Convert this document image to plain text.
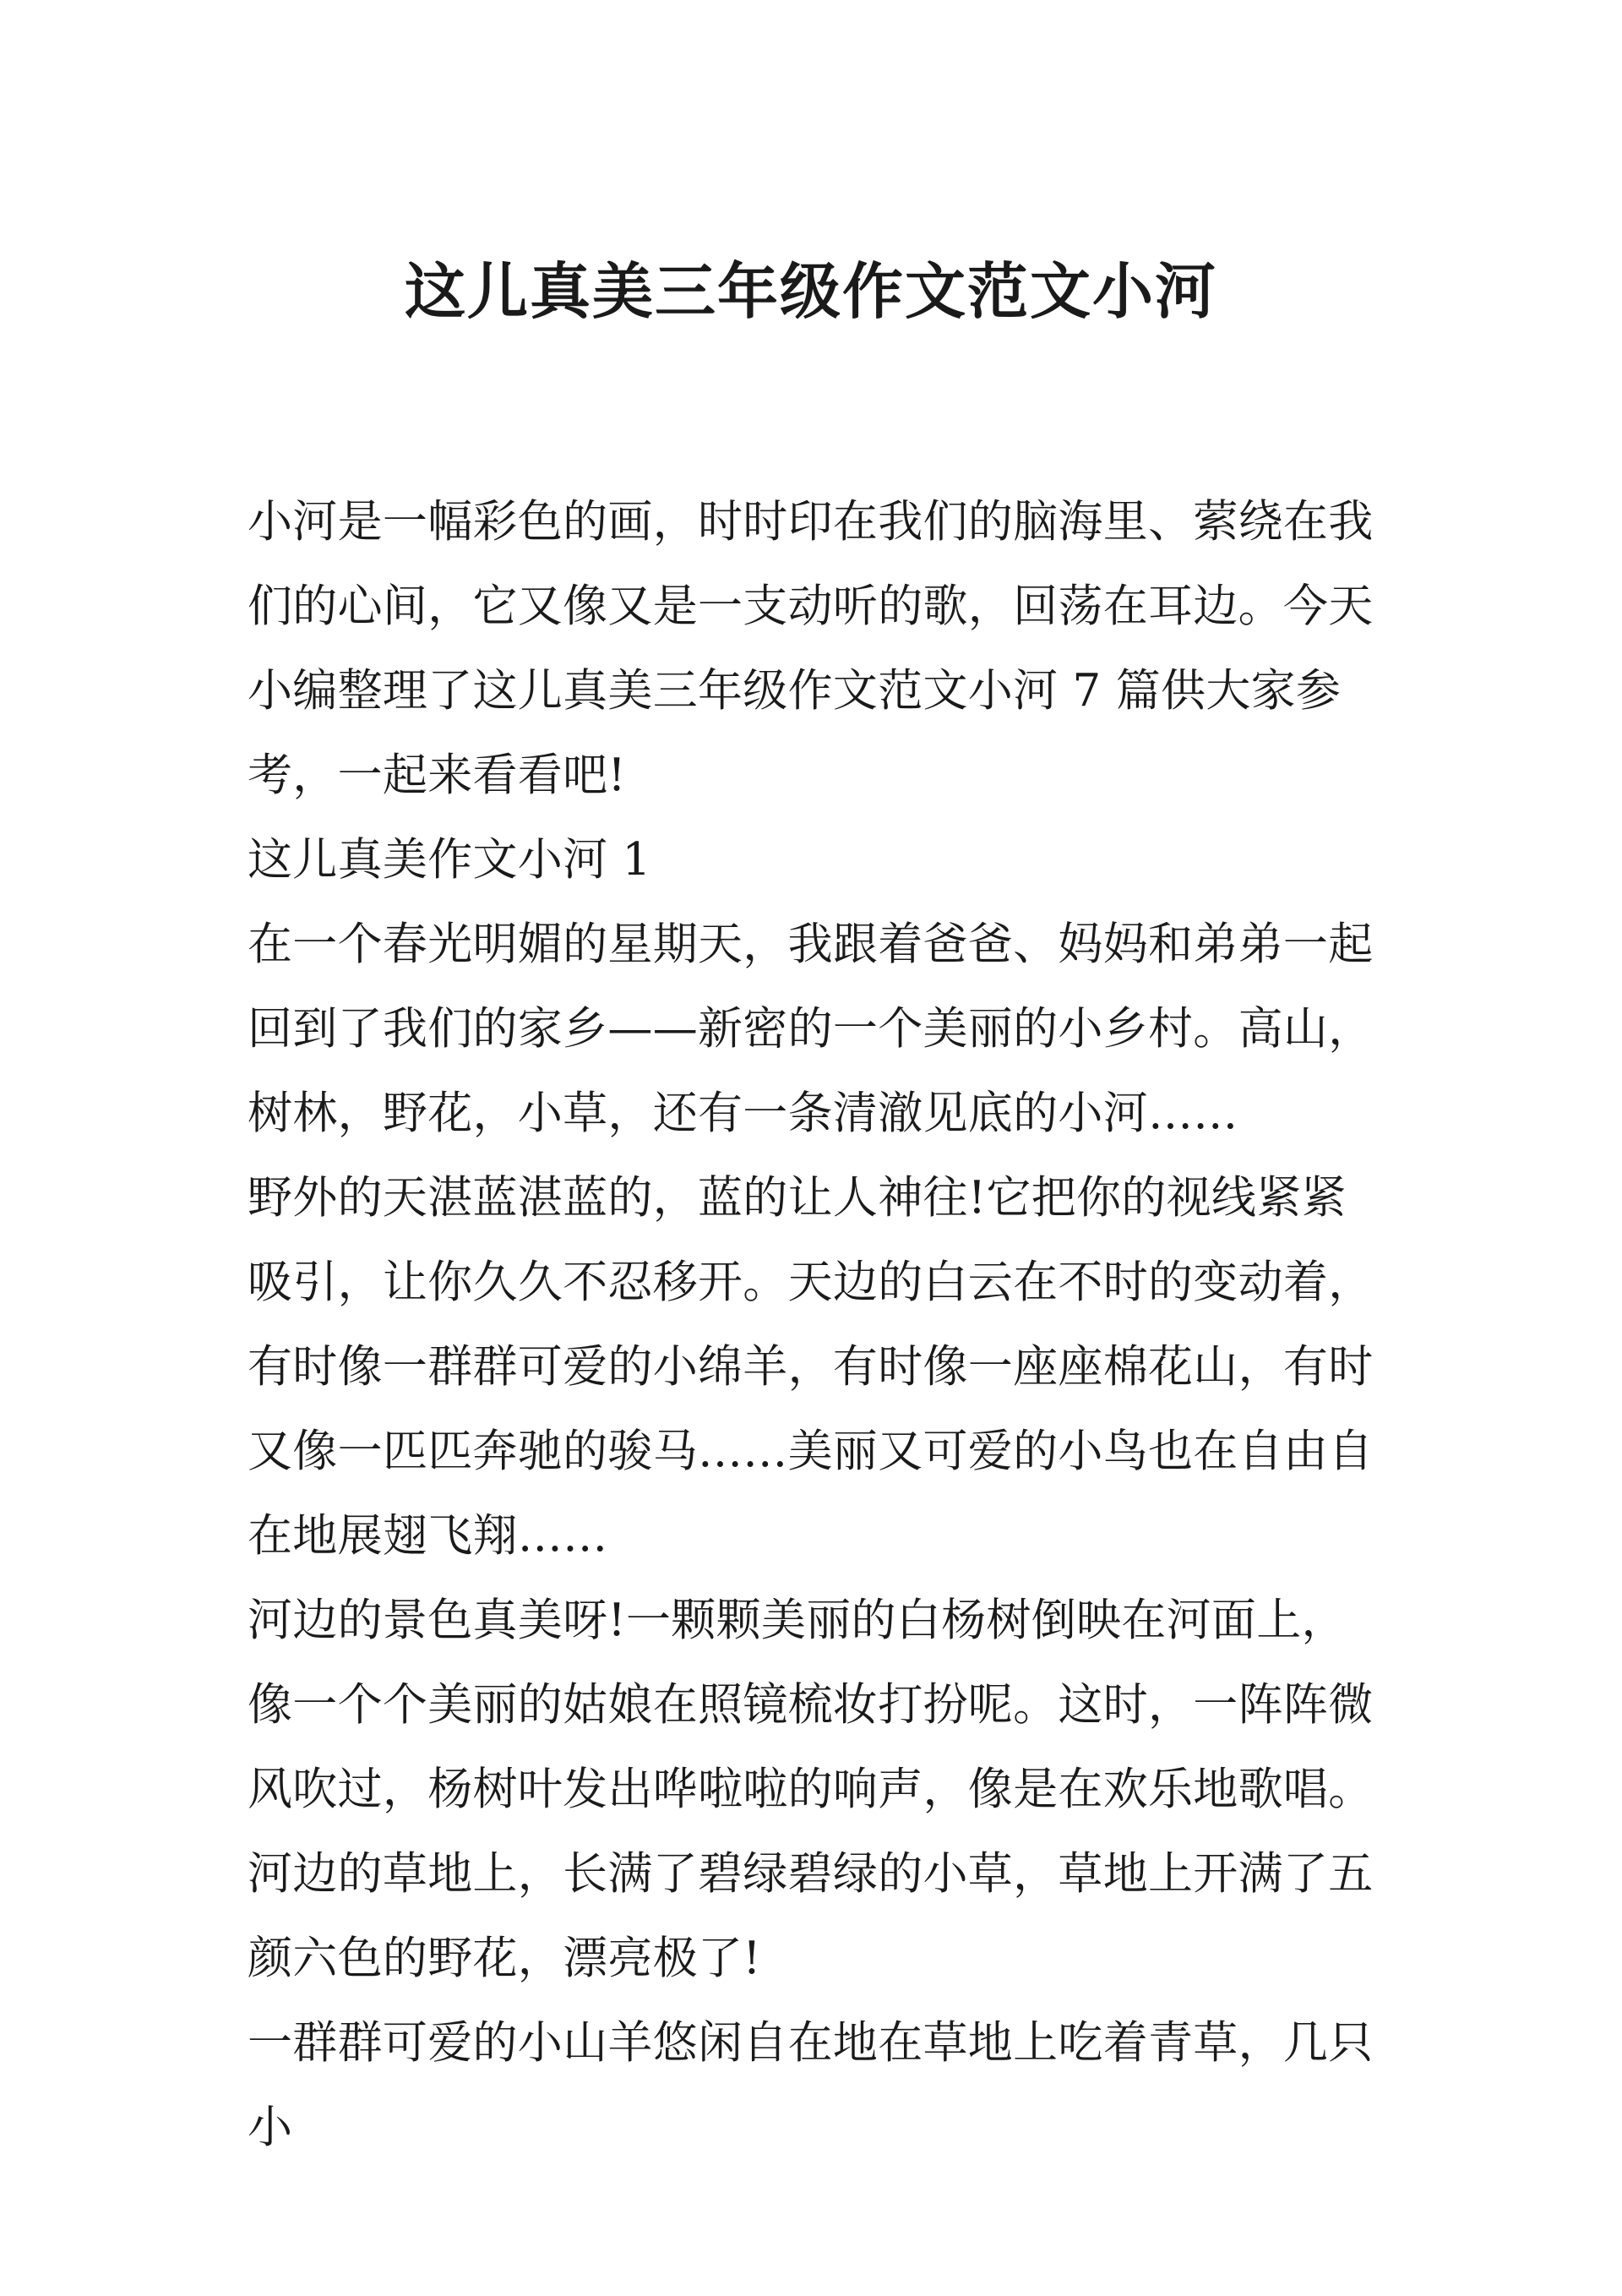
这儿真美三年级作文范文小河

小河是一幅彩色的画，时时印在我们的脑海里、萦绕在我们的心间，它又像又是一支动听的歌，回荡在耳边。今天小编整理了这儿真美三年级作文范文小河 7 篇供大家参考，一起来看看吧!

这儿真美作文小河 1

在一个春光明媚的星期天，我跟着爸爸、妈妈和弟弟一起回到了我们的家乡——新密的一个美丽的小乡村。高山，树林，野花，小草，还有一条清澈见底的小河……

野外的天湛蓝湛蓝的，蓝的让人神往!它把你的视线紧紧吸引，让你久久不忍移开。天边的白云在不时的变动着，有时像一群群可爱的小绵羊，有时像一座座棉花山，有时又像一匹匹奔驰的骏马……美丽又可爱的小鸟也在自由自在地展翅飞翔……

河边的景色真美呀!一颗颗美丽的白杨树倒映在河面上，像一个个美丽的姑娘在照镜梳妆打扮呢。这时，一阵阵微风吹过，杨树叶发出哗啦啦的响声，像是在欢乐地歌唱。河边的草地上，长满了碧绿碧绿的小草，草地上开满了五颜六色的野花，漂亮极了!

一群群可爱的小山羊悠闲自在地在草地上吃着青草，几只小
